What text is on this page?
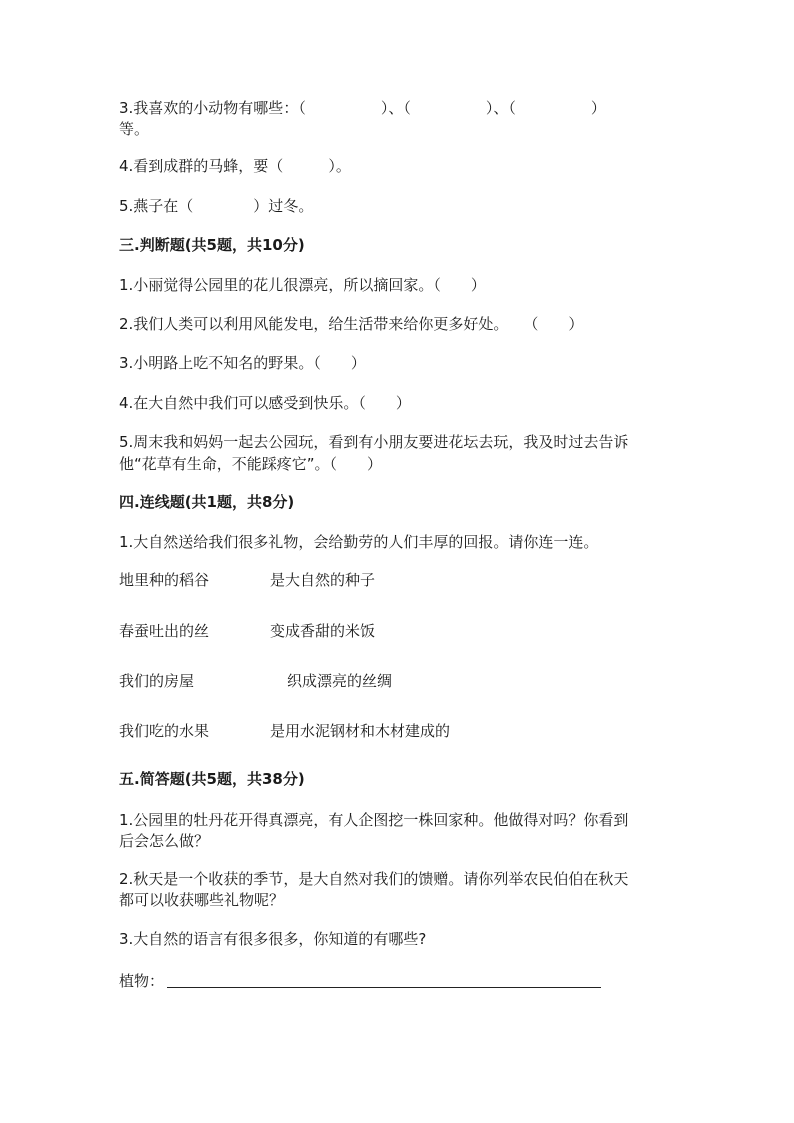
3.我喜欢的小动物有哪些：（　　　　　）、（　　　　　）、（　　　　　）
等。
4.看到成群的马蜂，要（　　　）。
5.燕子在（　　　　）过冬。
三.判断题(共5题，共10分)
1.小丽觉得公园里的花儿很漂亮，所以摘回家。（　　）
2.我们人类可以利用风能发电，给生活带来给你更多好处。　　（　　）
3.小明路上吃不知名的野果。（　　）
4.在大自然中我们可以感受到快乐。（　　）
5.周末我和妈妈一起去公园玩，看到有小朋友要进花坛去玩，我及时过去告诉
他“花草有生命，不能踩疼它”。（　　）
四.连线题(共1题，共8分)
1.大自然送给我们很多礼物，会给勤劳的人们丰厚的回报。请你连一连。
地里种的稻谷	是大自然的种子
春蚕吐出的丝	变成香甜的米饭
我们的房屋	织成漂亮的丝绸
我们吃的水果	是用水泥钢材和木材建成的
五.简答题(共5题，共38分)
1.公园里的牡丹花开得真漂亮，有人企图挖一株回家种。他做得对吗？你看到
后会怎么做？
2.秋天是一个收获的季节，是大自然对我们的馈赠。请你列举农民伯伯在秋天
都可以收获哪些礼物呢？
3.大自然的语言有很多很多，你知道的有哪些?
植物：
